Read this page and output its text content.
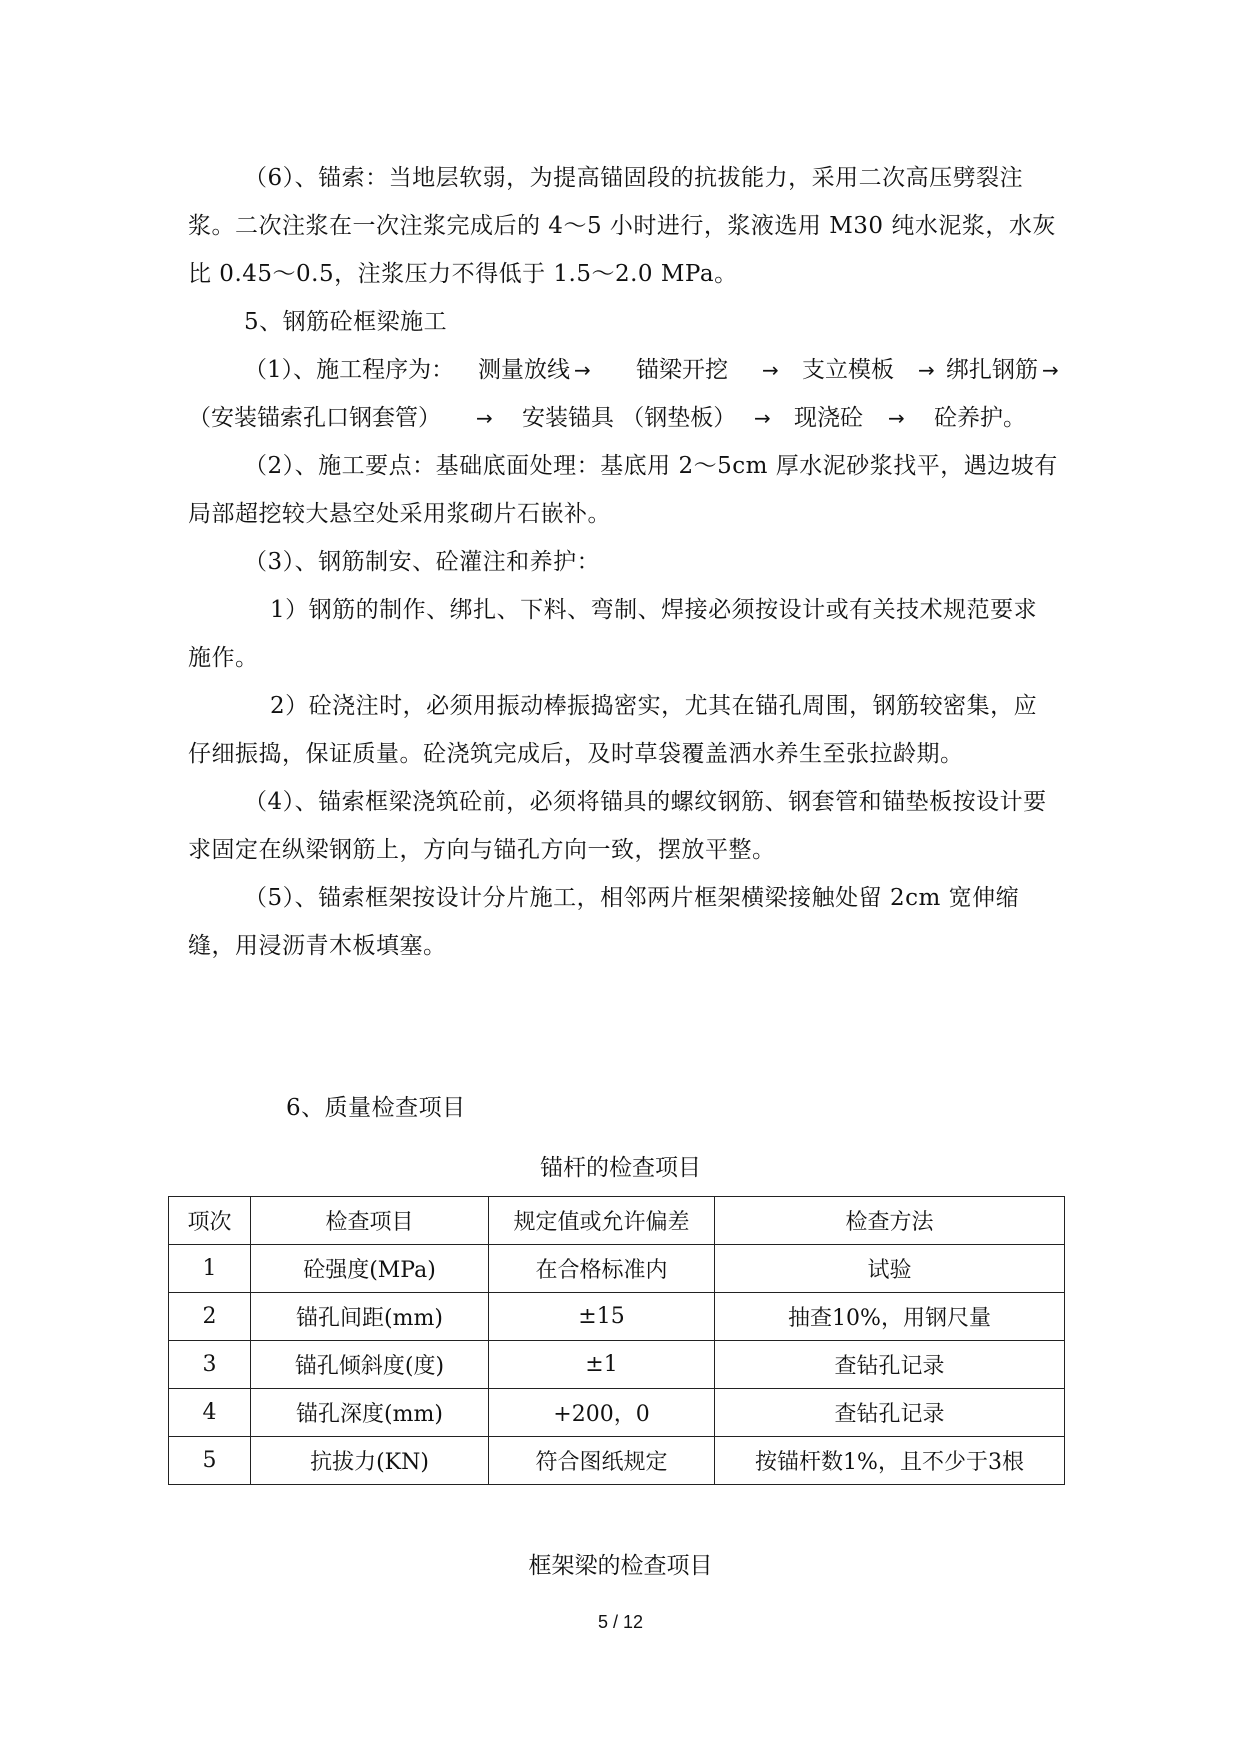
（6）、锚索：当地层软弱，为提高锚固段的抗拔能力，采用二次高压劈裂注浆。二次注浆在一次注浆完成后的 4～5 小时进行，浆液选用 M30 纯水泥浆，水灰比 0.45～0.5，注浆压力不得低于 1.5～2.0 MPa。

5、钢筋砼框梁施工
（1）、施工程序为： 测量放线 → 锚梁开挖 → 支立模板 → 绑扎钢筋 →
（安装锚索孔口钢套管） → 安装锚具 （钢垫板） → 现浇砼 → 砼养护。

（2）、施工要点：基础底面处理：基底用 2～5cm 厚水泥砂浆找平，遇边坡有局部超挖较大悬空处采用浆砌片石嵌补。

（3）、钢筋制安、砼灌注和养护：

1）钢筋的制作、绑扎、下料、弯制、焊接必须按设计或有关技术规范要求施作。

2）砼浇注时，必须用振动棒振捣密实，尤其在锚孔周围，钢筋较密集，应仔细振捣，保证质量。砼浇筑完成后，及时草袋覆盖洒水养生至张拉龄期。

（4）、锚索框梁浇筑砼前，必须将锚具的螺纹钢筋、钢套管和锚垫板按设计要求固定在纵梁钢筋上，方向与锚孔方向一致，摆放平整。

（5）、锚索框架按设计分片施工，相邻两片框架横梁接触处留 2cm 宽伸缩缝，用浸沥青木板填塞。

6、质量检查项目
锚杆的检查项目
项次	检查项目	规定值或允许偏差	检查方法
1	砼强度(MPa)	在合格标准内	试验
2	锚孔间距(mm)	±15	抽查10%，用钢尺量
3	锚孔倾斜度(度)	±1	查钻孔记录
4	锚孔深度(mm)	+200，0	查钻孔记录
5	抗拔力(KN)	符合图纸规定	按锚杆数1%，且不少于3根
框架梁的检查项目
5 / 12
